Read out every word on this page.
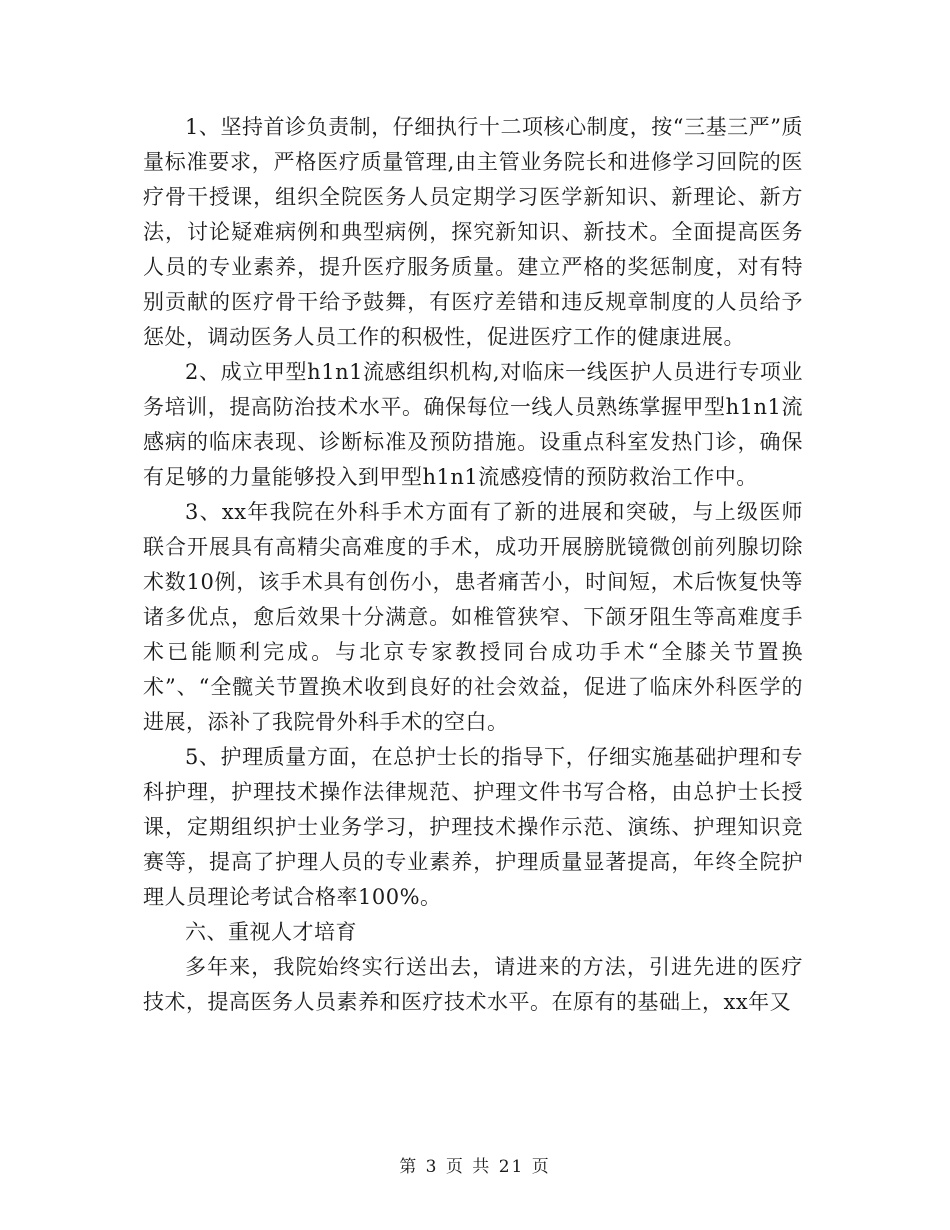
1、坚持首诊负责制，仔细执行十二项核心制度，按“三基三严”质量标准要求，严格医疗质量管理,由主管业务院长和进修学习回院的医疗骨干授课，组织全院医务人员定期学习医学新知识、新理论、新方法，讨论疑难病例和典型病例，探究新知识、新技术。全面提高医务人员的专业素养，提升医疗服务质量。建立严格的奖惩制度，对有特别贡献的医疗骨干给予鼓舞，有医疗差错和违反规章制度的人员给予惩处，调动医务人员工作的积极性，促进医疗工作的健康进展。

2、成立甲型h1n1流感组织机构,对临床一线医护人员进行专项业务培训，提高防治技术水平。确保每位一线人员熟练掌握甲型h1n1流感病的临床表现、诊断标准及预防措施。设重点科室发热门诊，确保有足够的力量能够投入到甲型h1n1流感疫情的预防救治工作中。

3、xx年我院在外科手术方面有了新的进展和突破，与上级医师联合开展具有高精尖高难度的手术，成功开展膀胱镜微创前列腺切除术数10例，该手术具有创伤小，患者痛苦小，时间短，术后恢复快等诸多优点，愈后效果十分满意。如椎管狭窄、下颌牙阻生等高难度手术已能顺利完成。与北京专家教授同台成功手术“全膝关节置换术”、“全髋关节置换术收到良好的社会效益，促进了临床外科医学的进展，添补了我院骨外科手术的空白。

5、护理质量方面，在总护士长的指导下，仔细实施基础护理和专科护理，护理技术操作法律规范、护理文件书写合格，由总护士长授课，定期组织护士业务学习，护理技术操作示范、演练、护理知识竞赛等，提高了护理人员的专业素养，护理质量显著提高，年终全院护理人员理论考试合格率100%。

六、重视人才培育

多年来，我院始终实行送出去，请进来的方法，引进先进的医疗技术，提高医务人员素养和医疗技术水平。在原有的基础上，xx年又

第 3 页 共 21 页
